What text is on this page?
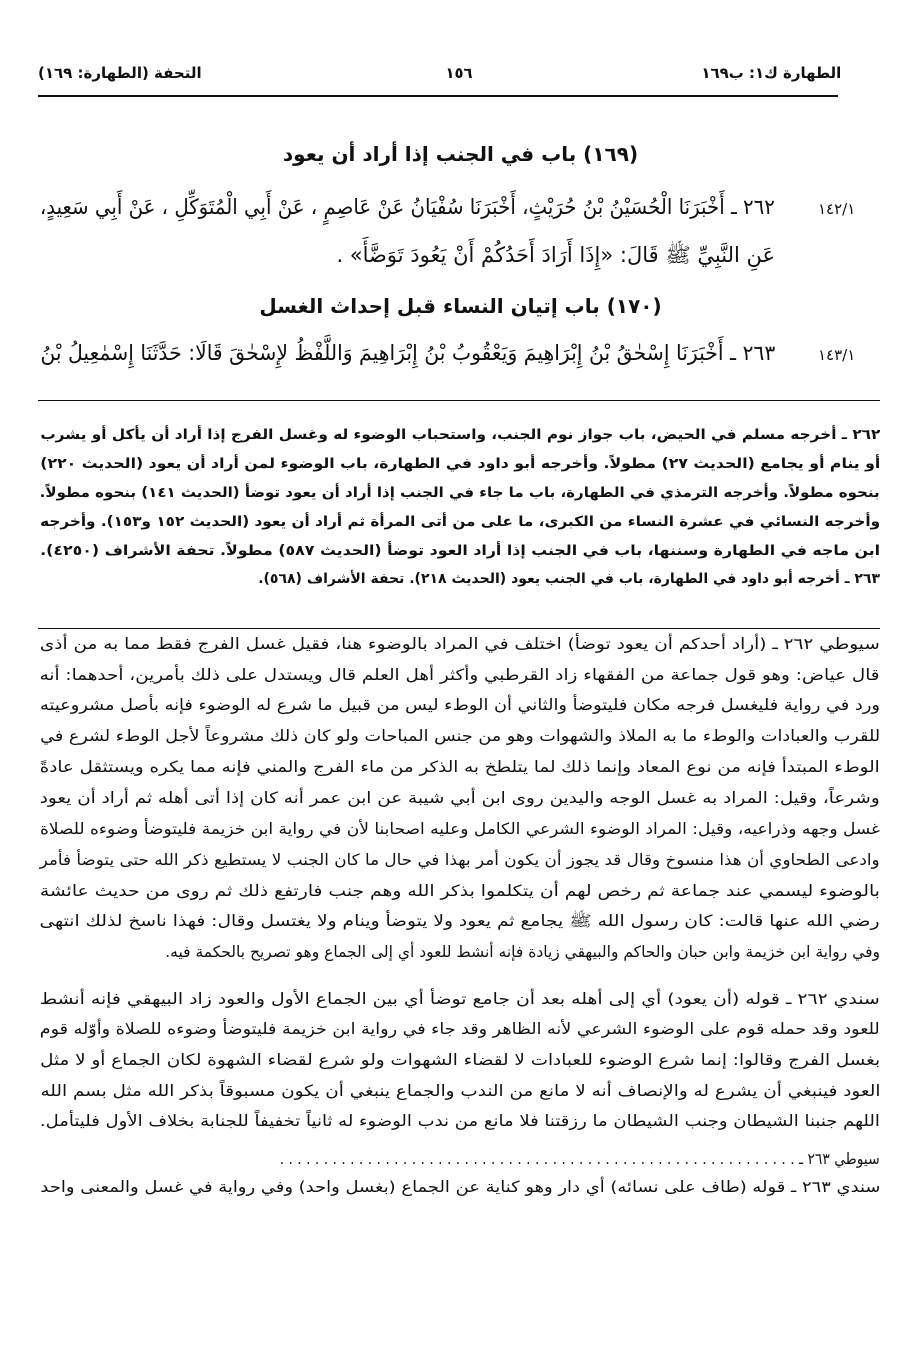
الطهارة ك١: ب١٦٩
١٥٦
التحفة (الطهارة: ١٦٩)
(١٦٩) باب في الجنب إذا أراد أن يعود
١٤٢/١
٢٦٢ ـ أَخْبَرَنَا الْحُسَيْنُ بْنُ حُرَيْثٍ، أَخْبَرَنَا سُفْيَانُ عَنْ عَاصِمٍ ، عَنْ أَبِي الْمُتَوَكِّلِ ، عَنْ أَبِي سَعِيدٍ،
عَنِ النَّبِيِّ ﷺ قَالَ: «إِذَا أَرَادَ أَحَدُكُمْ أَنْ يَعُودَ تَوَضَّأَ» .
(١٧٠) باب إتيان النساء قبل إحداث الغسل
١٤٣/١
٢٦٣ ـ أَخْبَرَنَا إِسْحٰقُ بْنُ إِبْرَاهِيمَ وَيَعْقُوبُ بْنُ إِبْرَاهِيمَ وَاللَّفْظُ لإِسْحٰقَ قَالَا: حَدَّثَنَا إِسْمٰعِيلُ بْنُ
٢٦٢ ـ أخرجه مسلم في الحيض، باب جواز نوم الجنب، واستحباب الوضوء له وغسل الفرج إذا أراد أن يأكل أو يشرب
أو ينام أو يجامع (الحديث ٢٧) مطولاً. وأخرجه أبو داود في الطهارة، باب الوضوء لمن أراد أن يعود (الحديث ٢٢٠)
بنحوه مطولاً. وأخرجه الترمذي في الطهارة، باب ما جاء في الجنب إذا أراد أن يعود توضأ (الحديث ١٤١) بنحوه مطولاً.
وأخرجه النسائي في عشرة النساء من الكبرى، ما على من أتى المرأة ثم أراد أن يعود (الحديث ١٥٢ و١٥٣). وأخرجه
ابن ماجه في الطهارة وسننها، باب في الجنب إذا أراد العود توضأ (الحديث ٥٨٧) مطولاً. تحفة الأشراف (٤٢٥٠).
٢٦٣ ـ أخرجه أبو داود في الطهارة، باب في الجنب يعود (الحديث ٢١٨). تحفة الأشراف (٥٦٨).
سيوطي ٢٦٢ ـ (أراد أحدكم أن يعود توضأ) اختلف في المراد بالوضوء هنا، فقيل غسل الفرج فقط مما به من أذى
قال عياض: وهو قول جماعة من الفقهاء زاد القرطبي وأكثر أهل العلم قال ويستدل على ذلك بأمرين، أحدهما: أنه
ورد في رواية فليغسل فرجه مكان فليتوضأ والثاني أن الوطء ليس من قبيل ما شرع له الوضوء فإنه بأصل مشروعيته
للقرب والعبادات والوطء ما به الملاذ والشهوات وهو من جنس المباحات ولو كان ذلك مشروعاً لأجل الوطء لشرع في
الوطء المبتدأ فإنه من نوع المعاد وإنما ذلك لما يتلطخ به الذكر من ماء الفرج والمني فإنه مما يكره ويستثقل عادةً
وشرعاً، وقيل: المراد به غسل الوجه واليدين روى ابن أبي شيبة عن ابن عمر أنه كان إذا أتى أهله ثم أراد أن يعود
غسل وجهه وذراعيه، وقيل: المراد الوضوء الشرعي الكامل وعليه اصحابنا لأن في رواية ابن خزيمة فليتوضأ وضوءه للصلاة
وادعى الطحاوي أن هذا منسوخ وقال قد يجوز أن يكون أمر بهذا في حال ما كان الجنب لا يستطيع ذكر الله حتى يتوضأ فأمر
بالوضوء ليسمي عند جماعة ثم رخص لهم أن يتكلموا بذكر الله وهم جنب فارتفع ذلك ثم روى من حديث عائشة
رضي الله عنها قالت: كان رسول الله ﷺ يجامع ثم يعود ولا يتوضأ وينام ولا يغتسل وقال: فهذا ناسخ لذلك انتهى
وفي رواية ابن خزيمة وابن حبان والحاكم والبيهقي زيادة فإنه أنشط للعود أي إلى الجماع وهو تصريح بالحكمة فيه.
سندي ٢٦٢ ـ قوله (أن يعود) أي إلى أهله بعد أن جامع توضأ أي بين الجماع الأول والعود زاد البيهقي فإنه أنشط
للعود وقد حمله قوم على الوضوء الشرعي لأنه الظاهر وقد جاء في رواية ابن خزيمة فليتوضأ وضوءه للصلاة وأوّله قوم
بغسل الفرج وقالوا: إنما شرع الوضوء للعبادات لا لقضاء الشهوات ولو شرع لقضاء الشهوة لكان الجماع أو لا مثل
العود فينبغي أن يشرع له والإنصاف أنه لا مانع من الندب والجماع ينبغي أن يكون مسبوقاً بذكر الله مثل بسم الله
اللهم جنبنا الشيطان وجنب الشيطان ما رزقتنا فلا مانع من ندب الوضوء له ثانياً تخفيفاً للجنابة بخلاف الأول فليتأمل.
سيوطي ٢٦٣ ـ . . . . . . . . . . . . . . . . . . . . . . . . . . . . . . . . . . . . . . . . . . . . . . . . . . . . . . . . . . .
سندي ٢٦٣ ـ قوله (طاف على نسائه) أي دار وهو كناية عن الجماع (بغسل واحد) وفي رواية في غسل والمعنى واحد
